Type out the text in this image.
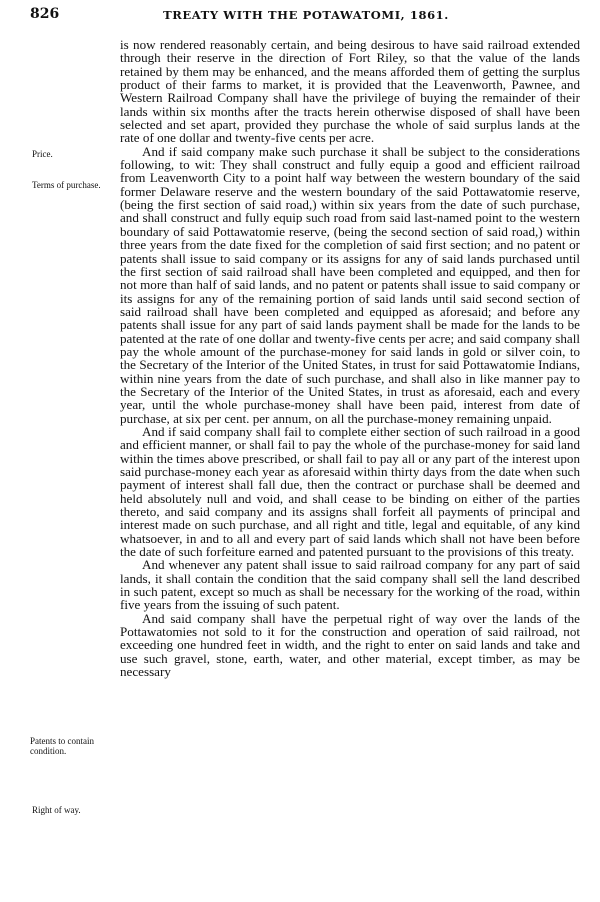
826	TREATY WITH THE POTAWATOMI, 1861.
Price.
Terms of purchase.
Patents to contain condition.
Right of way.

is now rendered reasonably certain, and being desirous to have said railroad extended through their reserve in the direction of Fort Riley, so that the value of the lands retained by them may be enhanced, and the means afforded them of getting the surplus product of their farms to market, it is provided that the Leavenworth, Pawnee, and Western Railroad Company shall have the privilege of buying the remainder of their lands within six months after the tracts herein otherwise disposed of shall have been selected and set apart, provided they purchase the whole of said surplus lands at the rate of one dollar and twenty-five cents per acre.

And if said company make such purchase it shall be subject to the considerations following, to wit: They shall construct and fully equip a good and efficient railroad from Leavenworth City to a point half way between the western boundary of the said former Delaware reserve and the western boundary of the said Pottawatomie reserve, (being the first section of said road,) within six years from the date of such purchase, and shall construct and fully equip such road from said last-named point to the western boundary of said Pottawatomie reserve, (being the second section of said road,) within three years from the date fixed for the completion of said first section; and no patent or patents shall issue to said company or its assigns for any of said lands purchased until the first section of said railroad shall have been completed and equipped, and then for not more than half of said lands, and no patent or patents shall issue to said company or its assigns for any of the remaining portion of said lands until said second section of said railroad shall have been completed and equipped as aforesaid; and before any patents shall issue for any part of said lands payment shall be made for the lands to be patented at the rate of one dollar and twenty-five cents per acre; and said company shall pay the whole amount of the purchase-money for said lands in gold or silver coin, to the Secretary of the Interior of the United States, in trust for said Pottawatomie Indians, within nine years from the date of such purchase, and shall also in like manner pay to the Secretary of the Interior of the United States, in trust as aforesaid, each and every year, until the whole purchase-money shall have been paid, interest from date of purchase, at six per cent. per annum, on all the purchase-money remaining unpaid.

And if said company shall fail to complete either section of such railroad in a good and efficient manner, or shall fail to pay the whole of the purchase-money for said land within the times above prescribed, or shall fail to pay all or any part of the interest upon said purchase-money each year as aforesaid within thirty days from the date when such payment of interest shall fall due, then the contract or purchase shall be deemed and held absolutely null and void, and shall cease to be binding on either of the parties thereto, and said company and its assigns shall forfeit all payments of principal and interest made on such purchase, and all right and title, legal and equitable, of any kind whatsoever, in and to all and every part of said lands which shall not have been before the date of such forfeiture earned and patented pursuant to the provisions of this treaty.

And whenever any patent shall issue to said railroad company for any part of said lands, it shall contain the condition that the said company shall sell the land described in such patent, except so much as shall be necessary for the working of the road, within five years from the issuing of such patent.

And said company shall have the perpetual right of way over the lands of the Pottawatomies not sold to it for the construction and operation of said railroad, not exceeding one hundred feet in width, and the right to enter on said lands and take and use such gravel, stone, earth, water, and other material, except timber, as may be necessary
